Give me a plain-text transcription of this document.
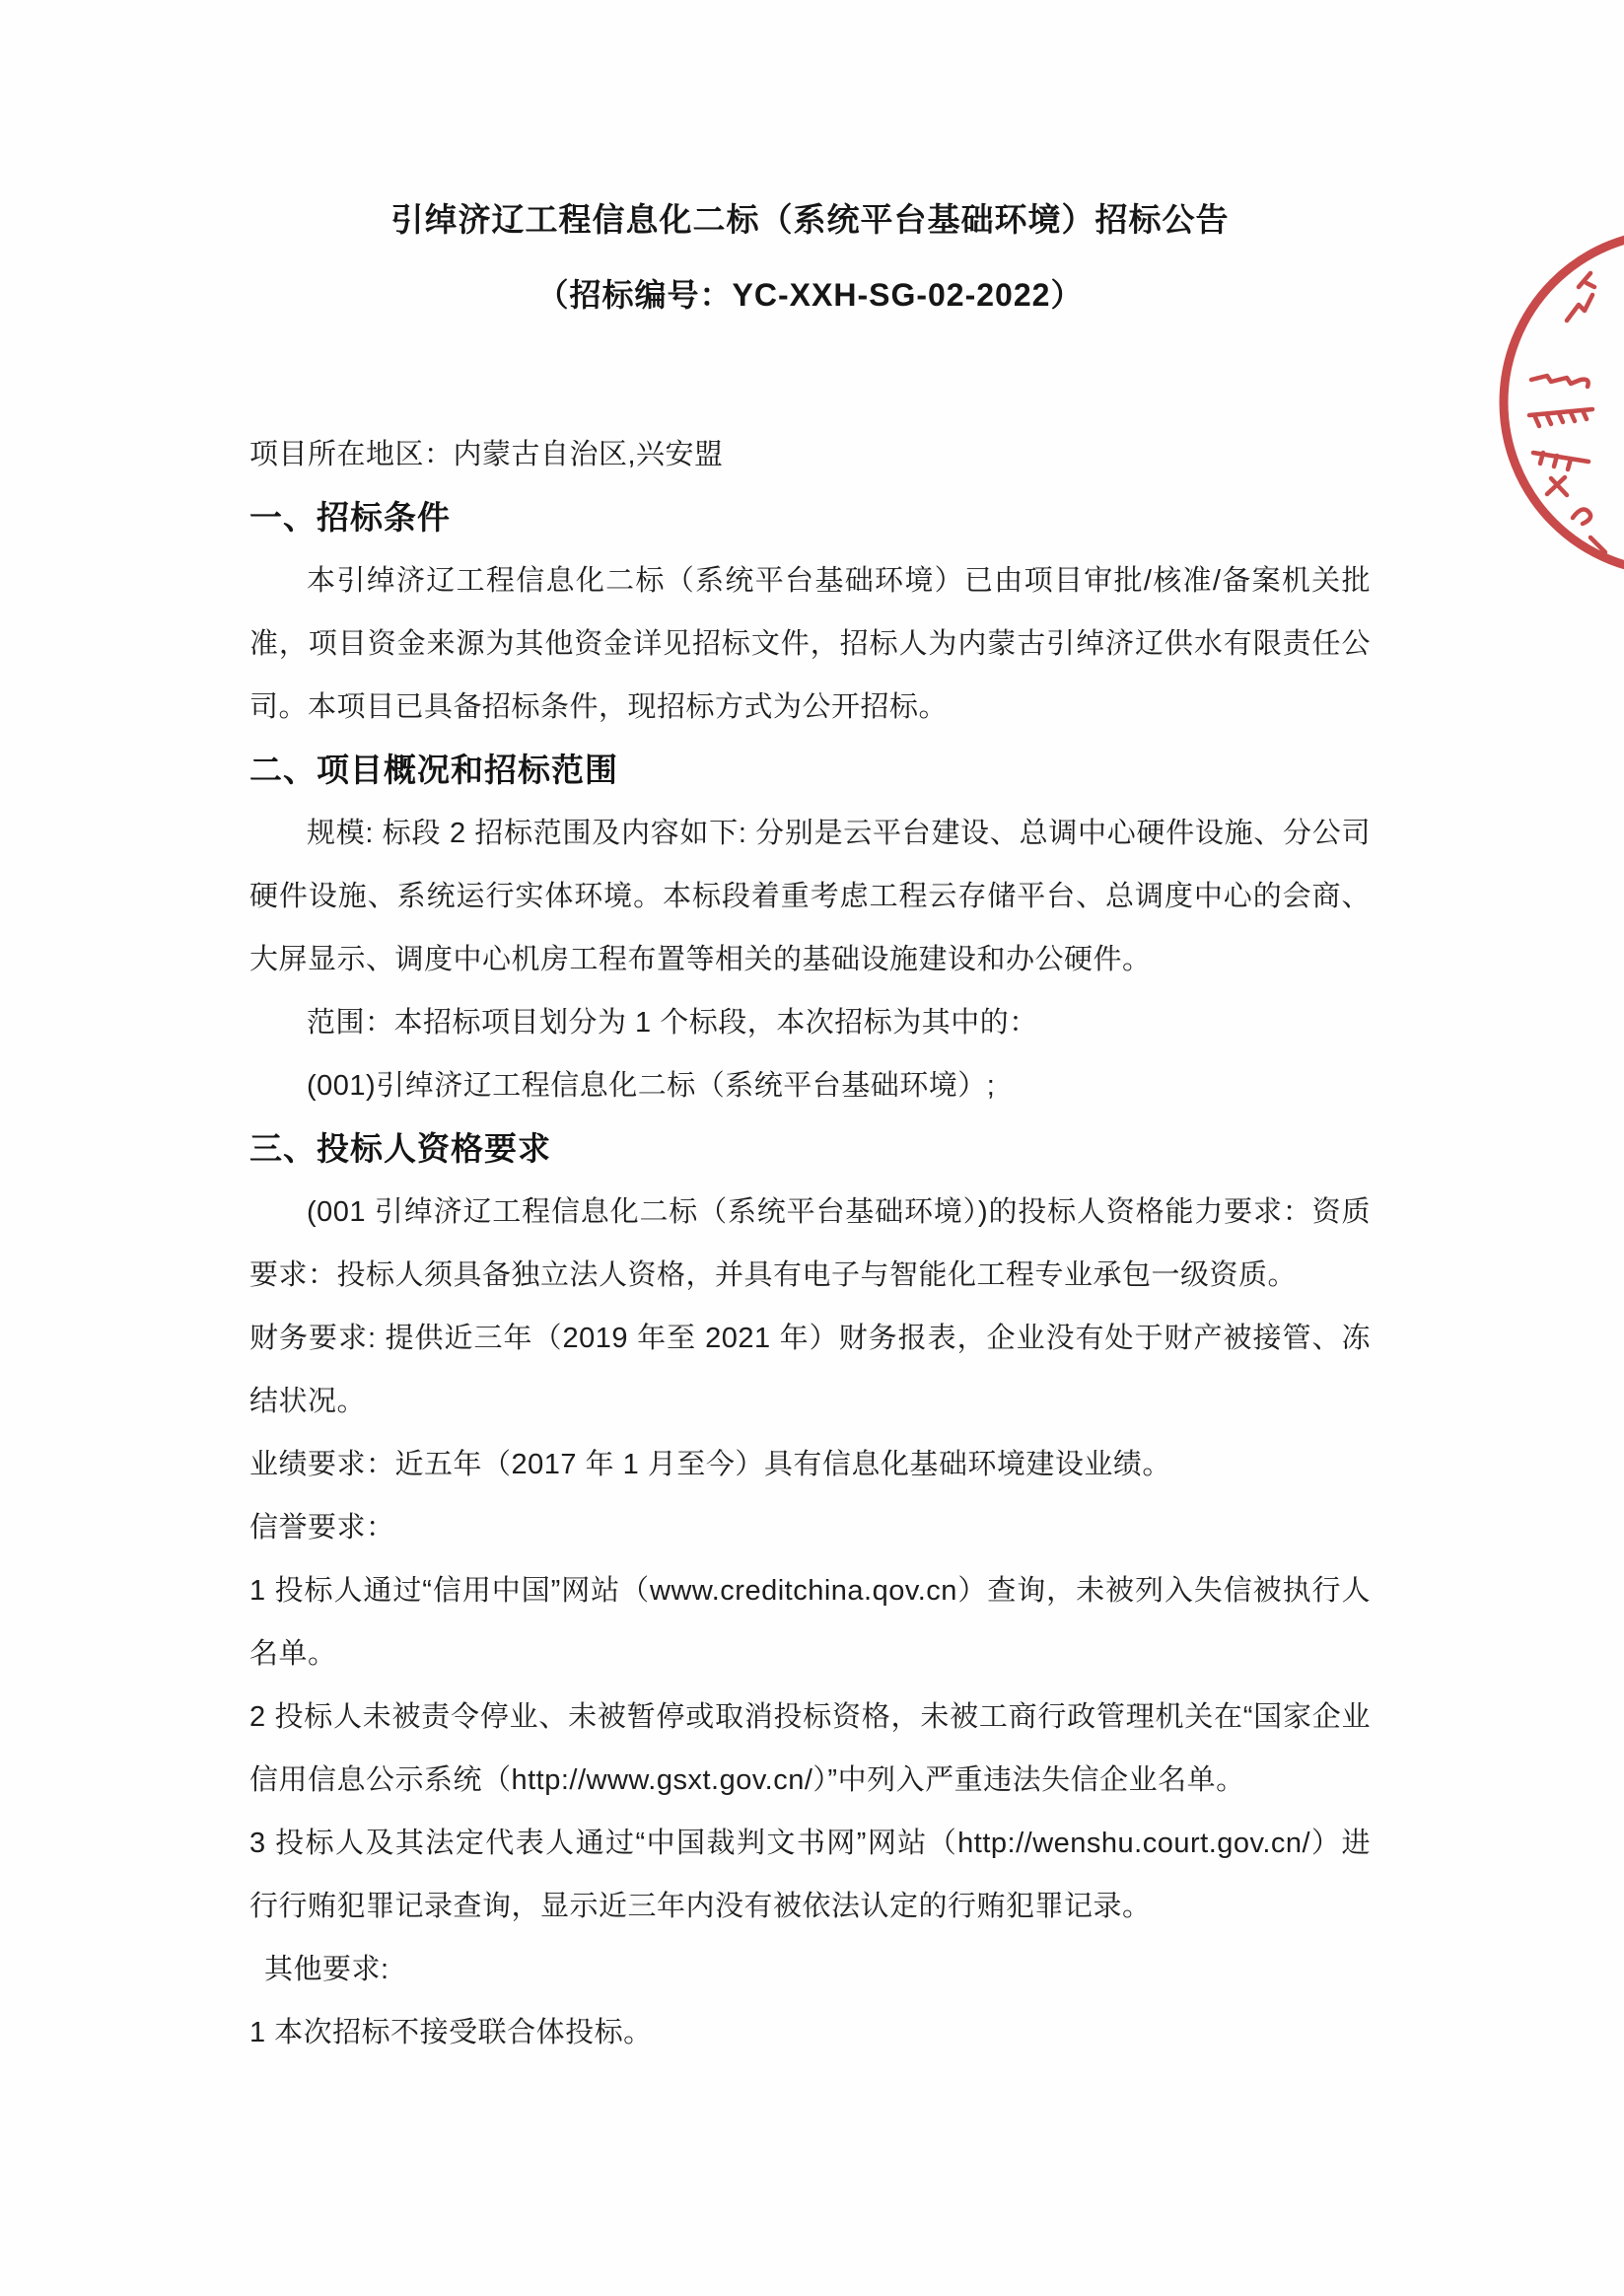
引绰济辽工程信息化二标（系统平台基础环境）招标公告

（招标编号：YC-XXH-SG-02-2022）

项目所在地区：内蒙古自治区,兴安盟

一、招标条件

本引绰济辽工程信息化二标（系统平台基础环境）已由项目审批/核准/备案机关批准，项目资金来源为其他资金详见招标文件，招标人为内蒙古引绰济辽供水有限责任公司。本项目已具备招标条件，现招标方式为公开招标。

二、项目概况和招标范围

规模: 标段 2 招标范围及内容如下: 分别是云平台建设、总调中心硬件设施、分公司硬件设施、系统运行实体环境。本标段着重考虑工程云存储平台、总调度中心的会商、大屏显示、调度中心机房工程布置等相关的基础设施建设和办公硬件。

范围：本招标项目划分为 1 个标段，本次招标为其中的：

(001)引绰济辽工程信息化二标（系统平台基础环境）;

三、投标人资格要求

(001 引绰济辽工程信息化二标（系统平台基础环境）)的投标人资格能力要求：资质要求：投标人须具备独立法人资格，并具有电子与智能化工程专业承包一级资质。

财务要求: 提供近三年（2019 年至 2021 年）财务报表，企业没有处于财产被接管、冻结状况。

业绩要求：近五年（2017 年 1 月至今）具有信息化基础环境建设业绩。

信誉要求：

1 投标人通过“信用中国”网站（www.creditchina.qov.cn）查询，未被列入失信被执行人名单。

2 投标人未被责令停业、未被暂停或取消投标资格，未被工商行政管理机关在“国家企业信用信息公示系统（http://www.gsxt.gov.cn/）”中列入严重违法失信企业名单。

3 投标人及其法定代表人通过“中国裁判文书网”网站（http://wenshu.court.gov.cn/）进行行贿犯罪记录查询，显示近三年内没有被依法认定的行贿犯罪记录。

其他要求:

1 本次招标不接受联合体投标。
